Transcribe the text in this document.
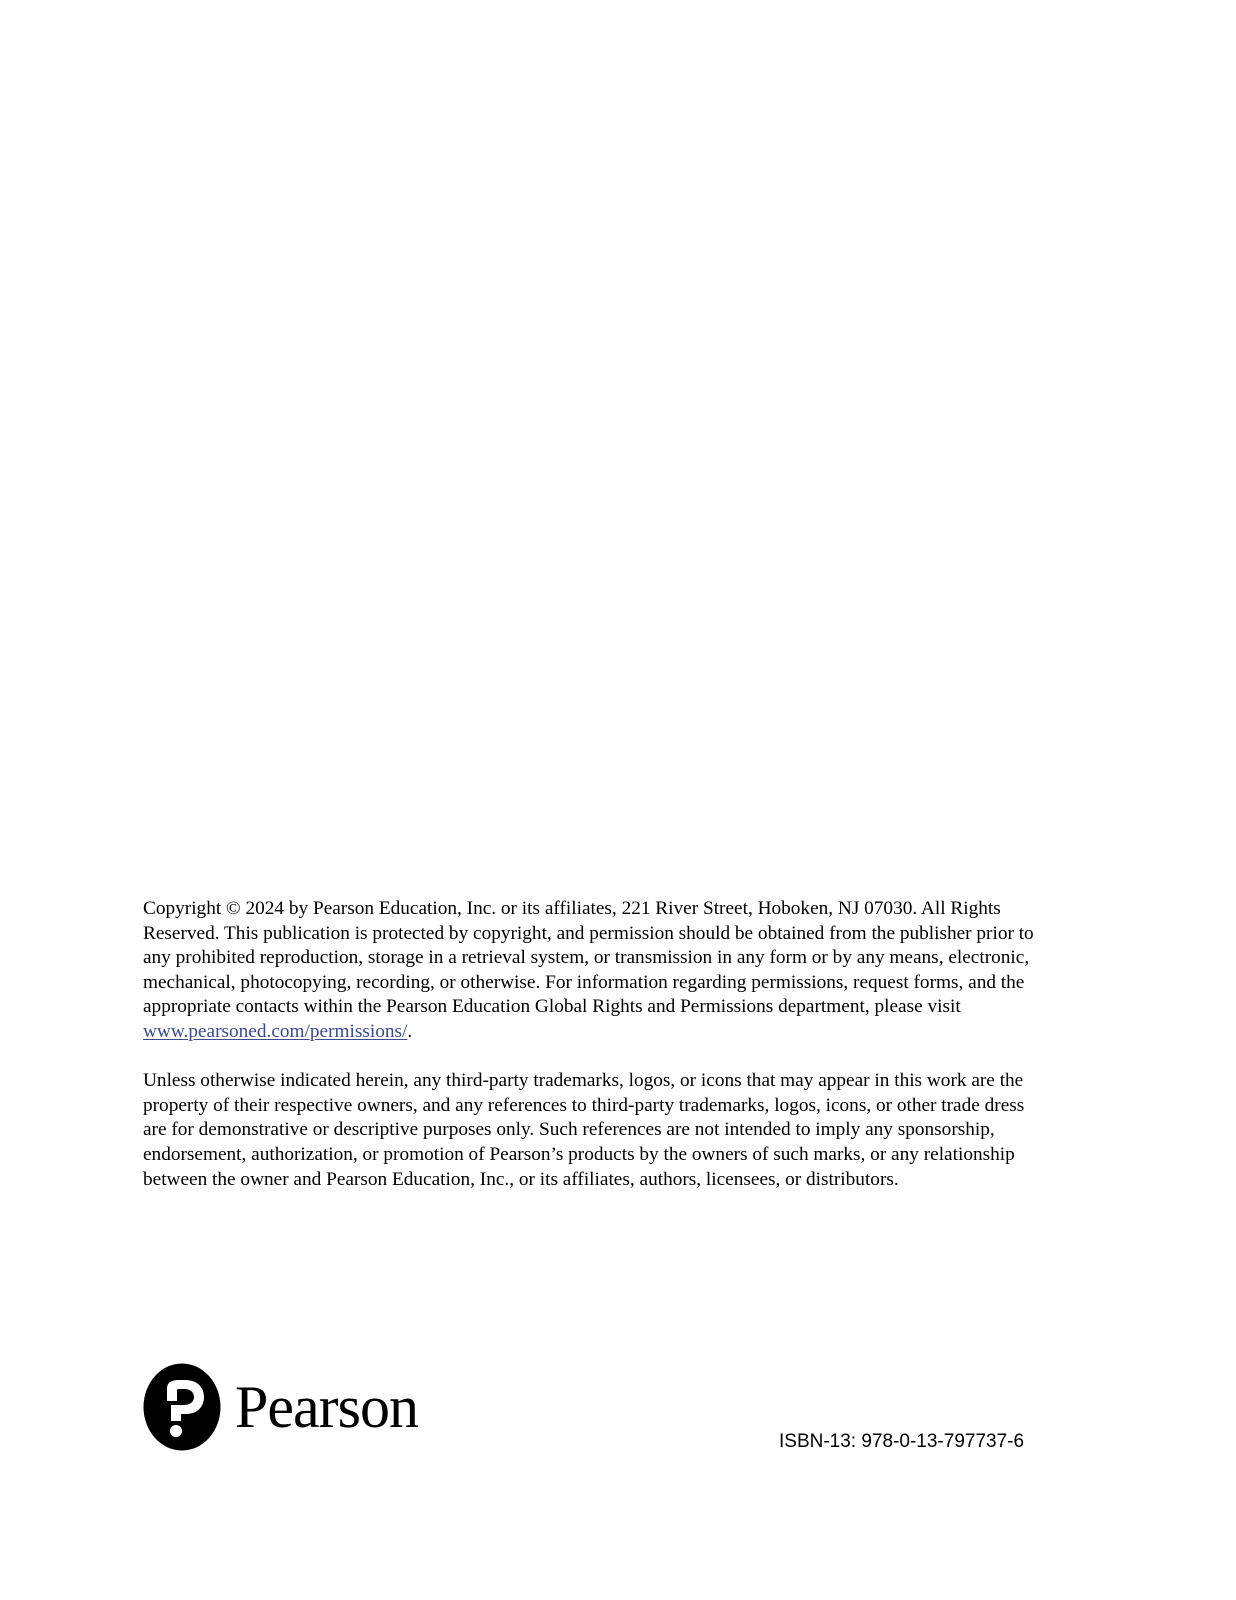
Copyright © 2024 by Pearson Education, Inc. or its affiliates, 221 River Street, Hoboken, NJ 07030. All Rights Reserved. This publication is protected by copyright, and permission should be obtained from the publisher prior to any prohibited reproduction, storage in a retrieval system, or transmission in any form or by any means, electronic, mechanical, photocopying, recording, or otherwise. For information regarding permissions, request forms, and the appropriate contacts within the Pearson Education Global Rights and Permissions department, please visit www.pearsoned.com/permissions/.

Unless otherwise indicated herein, any third-party trademarks, logos, or icons that may appear in this work are the property of their respective owners, and any references to third-party trademarks, logos, icons, or other trade dress are for demonstrative or descriptive purposes only. Such references are not intended to imply any sponsorship, endorsement, authorization, or promotion of Pearson’s products by the owners of such marks, or any relationship between the owner and Pearson Education, Inc., or its affiliates, authors, licensees, or distributors.

Pearson
ISBN-13: 978-0-13-797737-6
